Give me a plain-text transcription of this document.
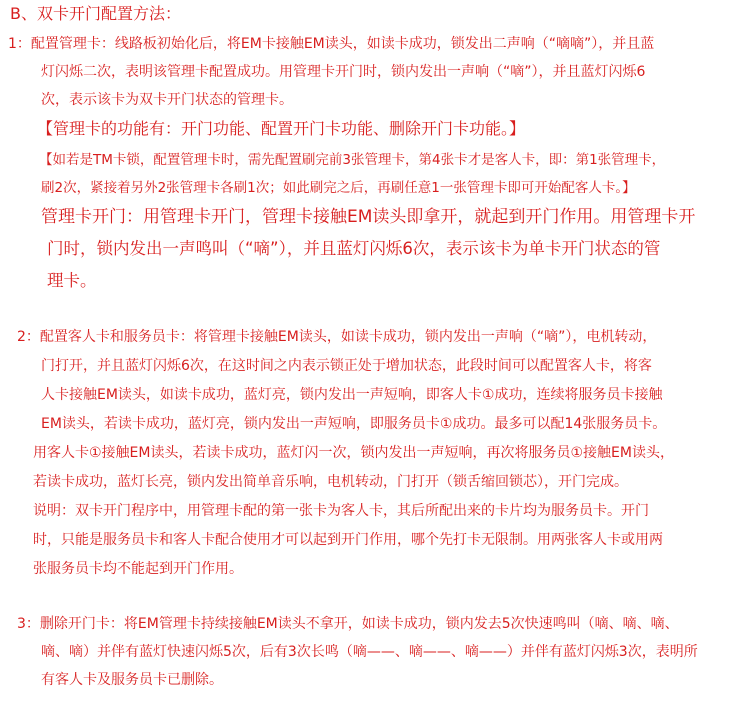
B、双卡开门配置方法：
1：配置管理卡：线路板初始化后，将EM卡接触EM读头，如读卡成功，锁发出二声响（“嘀嘀”），并且蓝
灯闪烁二次，表明该管理卡配置成功。用管理卡开门时，锁内发出一声响（“嘀”），并且蓝灯闪烁6
次，表示该卡为双卡开门状态的管理卡。
【管理卡的功能有：开门功能、配置开门卡功能、删除开门卡功能。】
【如若是TM卡锁，配置管理卡时，需先配置刷完前3张管理卡，第4张卡才是客人卡，即：第1张管理卡，
刷2次，紧接着另外2张管理卡各刷1次；如此刷完之后，再刷任意1一张管理卡即可开始配客人卡。】
管理卡开门：用管理卡开门，管理卡接触EM读头即拿开，就起到开门作用。用管理卡开
门时，锁内发出一声鸣叫（“嘀”），并且蓝灯闪烁6次，表示该卡为单卡开门状态的管
理卡。
2：配置客人卡和服务员卡：将管理卡接触EM读头，如读卡成功，锁内发出一声响（“嘀”），电机转动，
门打开，并且蓝灯闪烁6次，在这时间之内表示锁正处于增加状态，此段时间可以配置客人卡，将客
人卡接触EM读头，如读卡成功，蓝灯亮，锁内发出一声短响，即客人卡①成功，连续将服务员卡接触
EM读头，若读卡成功，蓝灯亮，锁内发出一声短响，即服务员卡①成功。最多可以配14张服务员卡。
用客人卡①接触EM读头，若读卡成功，蓝灯闪一次，锁内发出一声短响，再次将服务员①接触EM读头，
若读卡成功，蓝灯长亮，锁内发出简单音乐响，电机转动，门打开（锁舌缩回锁芯），开门完成。
说明：双卡开门程序中，用管理卡配的第一张卡为客人卡，其后所配出来的卡片均为服务员卡。开门
时，只能是服务员卡和客人卡配合使用才可以起到开门作用，哪个先打卡无限制。用两张客人卡或用两
张服务员卡均不能起到开门作用。
3：删除开门卡：将EM管理卡持续接触EM读头不拿开，如读卡成功，锁内发去5次快速鸣叫（嘀、嘀、嘀、
嘀、嘀）并伴有蓝灯快速闪烁5次，后有3次长鸣（嘀——、嘀——、嘀——）并伴有蓝灯闪烁3次，表明所
有客人卡及服务员卡已删除。
